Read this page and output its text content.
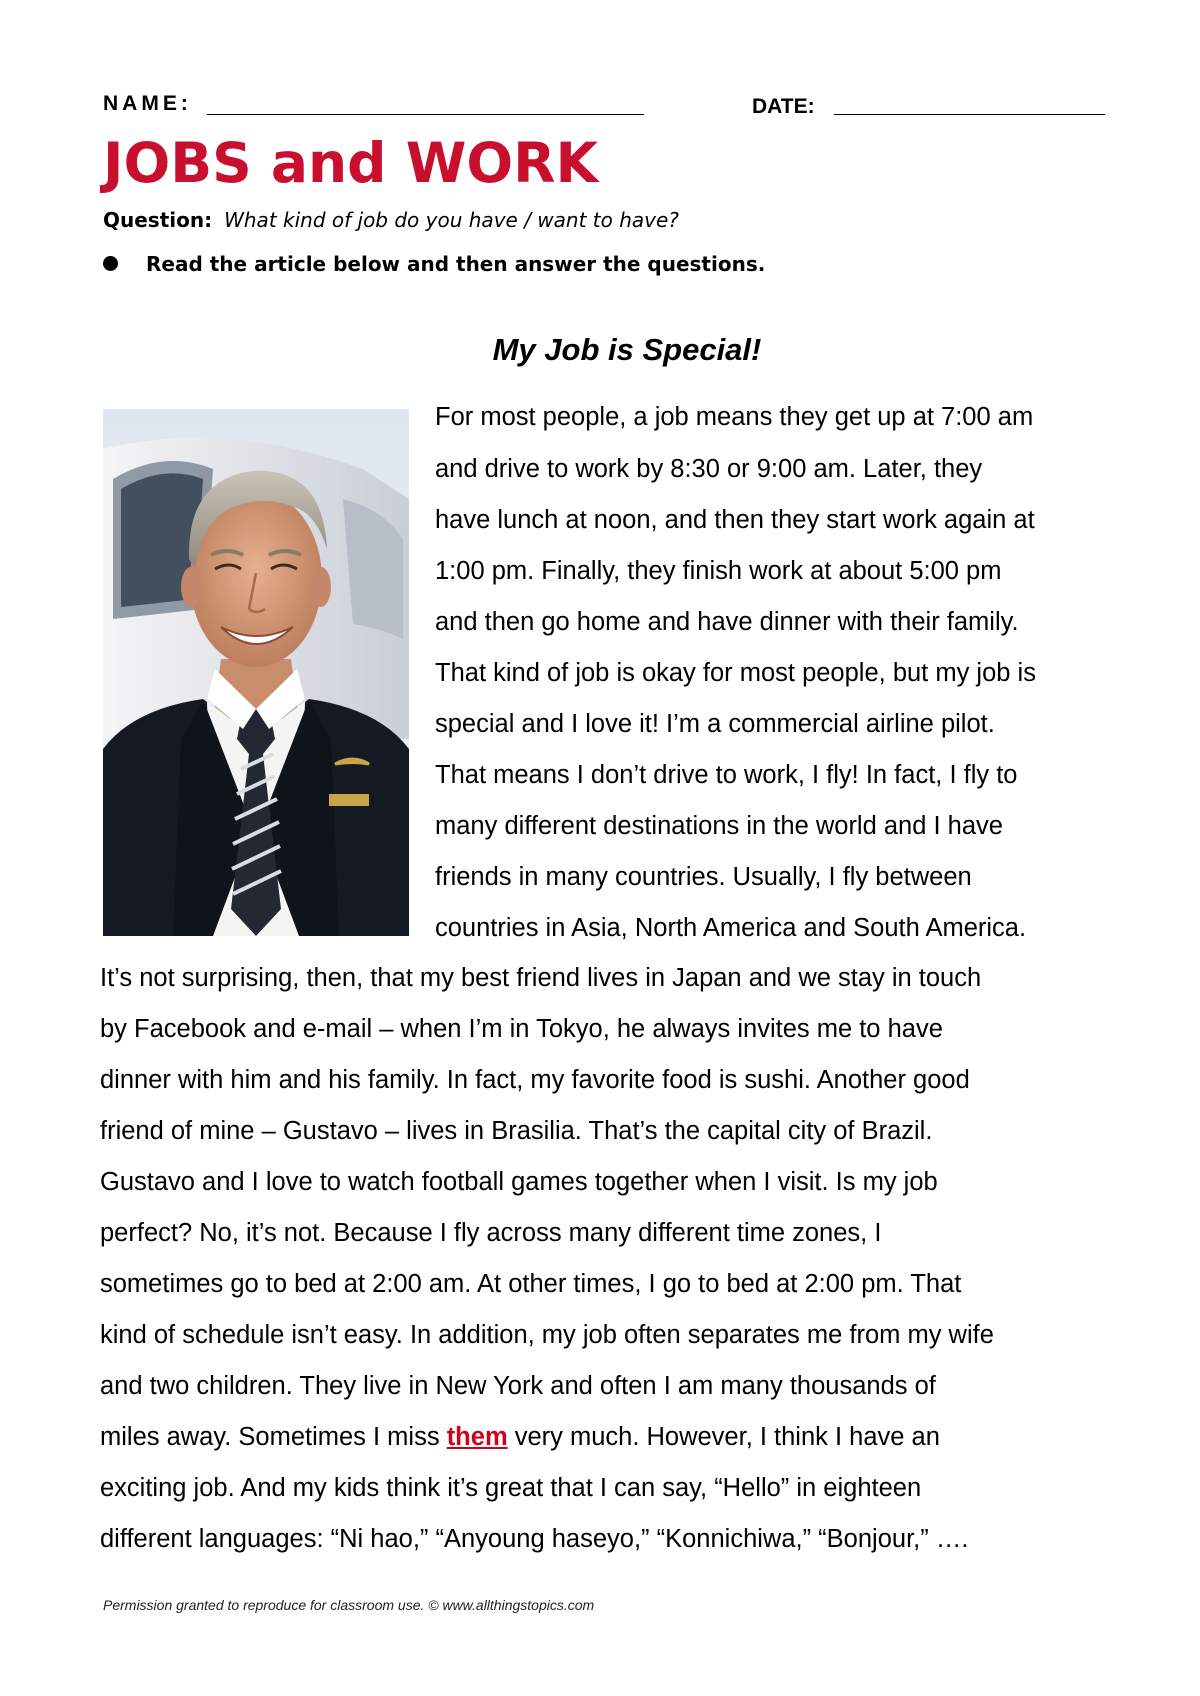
NAME:	DATE:
JOBS and WORK
Question: What kind of job do you have / want to have?
Read the article below and then answer the questions.
My Job is Special!
For most people, a job means they get up at 7:00 am
and drive to work by 8:30 or 9:00 am. Later, they
have lunch at noon, and then they start work again at
1:00 pm. Finally, they finish work at about 5:00 pm
and then go home and have dinner with their family.
That kind of job is okay for most people, but my job is
special and I love it! I’m a commercial airline pilot.
That means I don’t drive to work, I fly! In fact, I fly to
many different destinations in the world and I have
friends in many countries. Usually, I fly between
countries in Asia, North America and South America.
It’s not surprising, then, that my best friend lives in Japan and we stay in touch
by Facebook and e-mail – when I’m in Tokyo, he always invites me to have
dinner with him and his family. In fact, my favorite food is sushi. Another good
friend of mine – Gustavo – lives in Brasilia. That’s the capital city of Brazil.
Gustavo and I love to watch football games together when I visit. Is my job
perfect? No, it’s not. Because I fly across many different time zones, I
sometimes go to bed at 2:00 am. At other times, I go to bed at 2:00 pm. That
kind of schedule isn’t easy. In addition, my job often separates me from my wife
and two children. They live in New York and often I am many thousands of
miles away. Sometimes I miss them very much. However, I think I have an
exciting job. And my kids think it’s great that I can say, “Hello” in eighteen
different languages: “Ni hao,” “Anyoung haseyo,” “Konnichiwa,” “Bonjour,” ….
Permission granted to reproduce for classroom use. © www.allthingstopics.com
